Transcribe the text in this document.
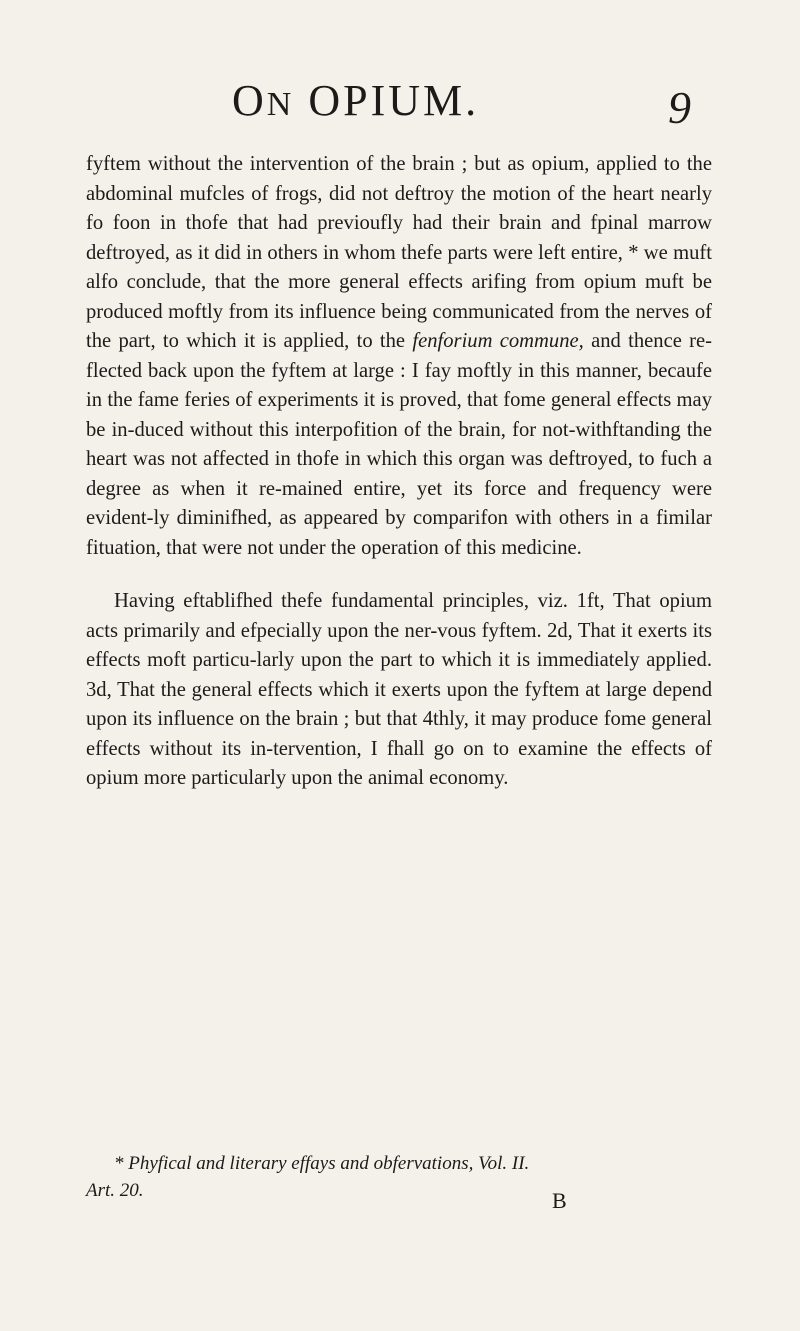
ON OPIUM.	9

fyftem without the intervention of the brain ; but as opium, applied to the abdominal mufcles of frogs, did not deftroy the motion of the heart nearly fo foon in thofe that had previoufly had their brain and fpinal marrow deftroyed, as it did in others in whom thefe parts were left entire, * we muft alfo conclude, that the more general effects arifing from opium muft be produced moftly from its influence being communicated from the nerves of the part, to which it is applied, to the fenforium commune, and thence re-flected back upon the fyftem at large : I fay moftly in this manner, becaufe in the fame feries of experiments it is proved, that fome general effects may be in-duced without this interpofition of the brain, for not-withftanding the heart was not affected in thofe in which this organ was deftroyed, to fuch a degree as when it re-mained entire, yet its force and frequency were evident-ly diminifhed, as appeared by comparifon with others in a fimilar fituation, that were not under the operation of this medicine.

Having eftablifhed thefe fundamental principles, viz. 1ft, That opium acts primarily and efpecially upon the ner-vous fyftem. 2d, That it exerts its effects moft particu-larly upon the part to which it is immediately applied. 3d, That the general effects which it exerts upon the fyftem at large depend upon its influence on the brain ; but that 4thly, it may produce fome general effects without its in-tervention, I fhall go on to examine the effects of opium more particularly upon the animal economy.

* Phyfical and literary effays and obfervations, Vol. II.
Art. 20.	B
